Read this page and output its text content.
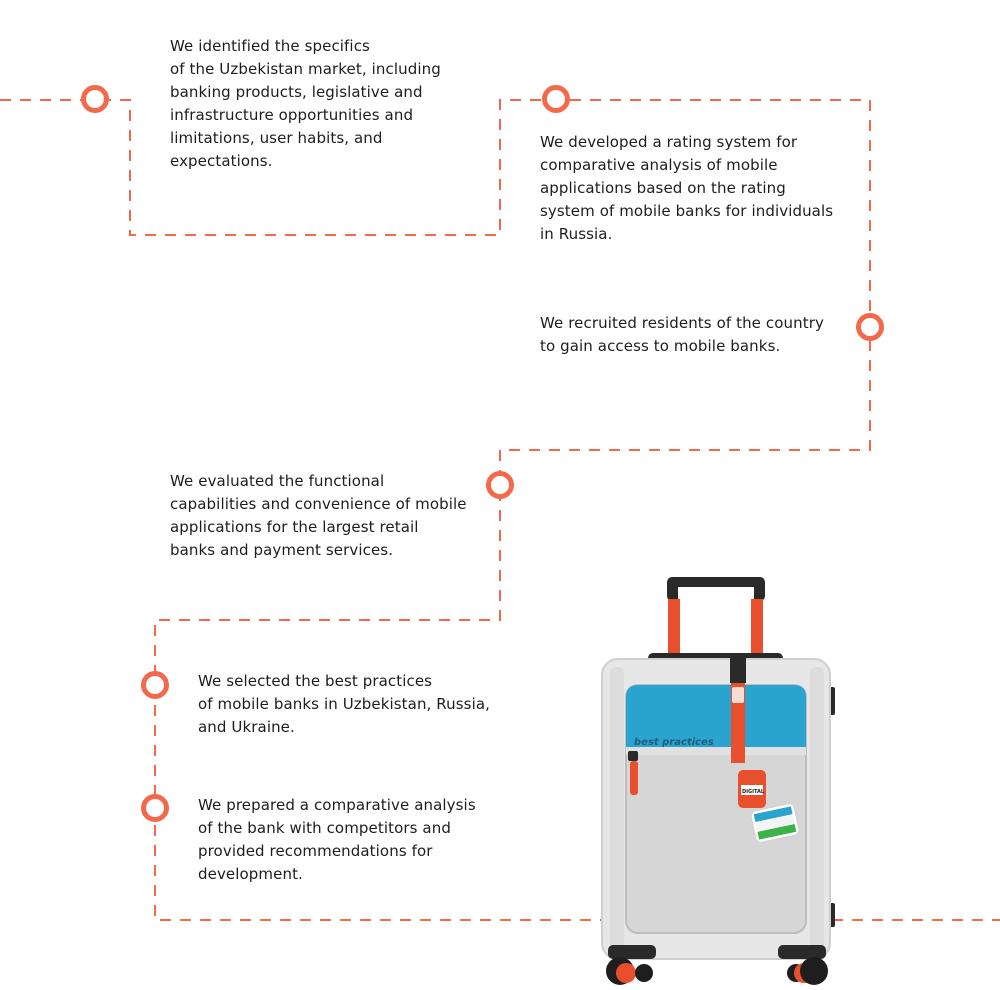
We identified the specifics
of the Uzbekistan market, including
banking products, legislative and
infrastructure opportunities and
limitations, user habits, and
expectations.

We developed a rating system for
comparative analysis of mobile
applications based on the rating
system of mobile banks for individuals
in Russia.

We recruited residents of the country
to gain access to mobile banks.

We evaluated the functional
capabilities and convenience of mobile
applications for the largest retail
banks and payment services.

We selected the best practices
of mobile banks in Uzbekistan, Russia,
and Ukraine.

We prepared a comparative analysis
of the bank with competitors and
provided recommendations for
development.

best practices
DIGITAL
